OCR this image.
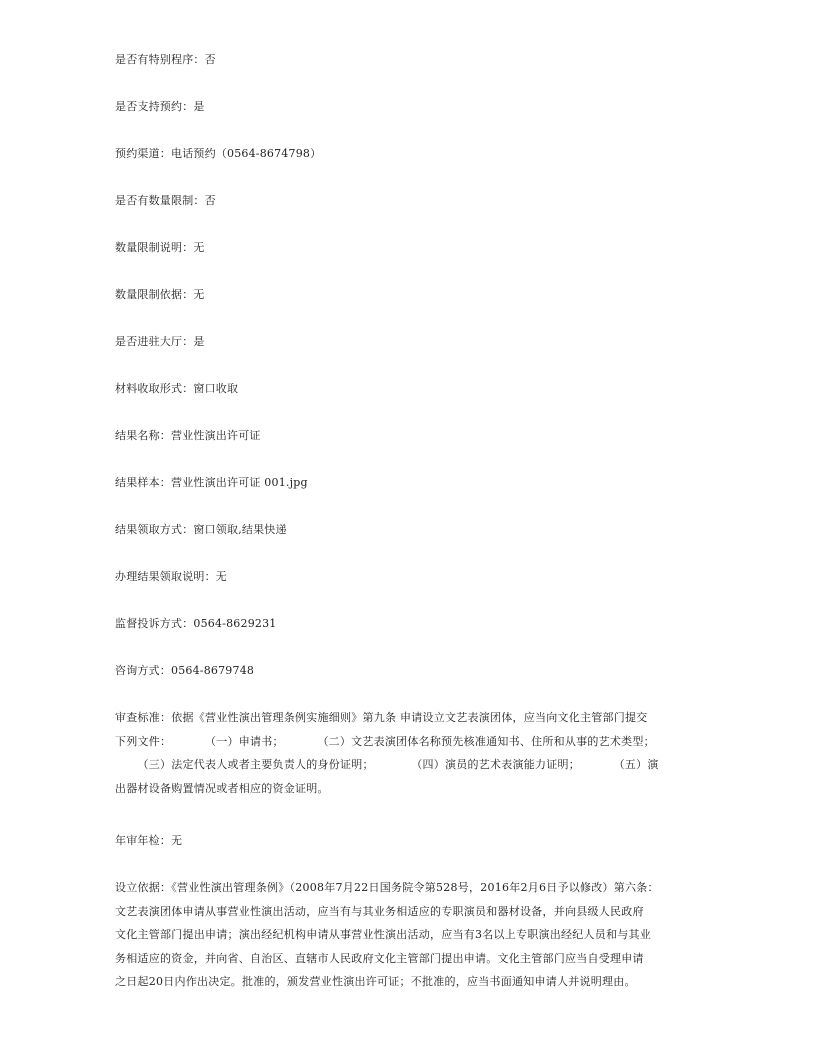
是否有特别程序：否
是否支持预约：是
预约渠道：电话预约（0564-8674798）
是否有数量限制：否
数量限制说明：无
数量限制依据：无
是否进驻大厅：是
材料收取形式：窗口收取
结果名称：营业性演出许可证
结果样本：营业性演出许可证 001.jpg
结果领取方式：窗口领取,结果快递
办理结果领取说明：无
监督投诉方式：0564-8629231
咨询方式：0564-8679748

审查标准：依据《营业性演出管理条例实施细则》第九条 申请设立文艺表演团体，应当向文化主管部门提交

下列文件：         （一）申请书；         （二）文艺表演团体名称预先核准通知书、住所和从事的艺术类型；

（三）法定代表人或者主要负责人的身份证明；          （四）演员的艺术表演能力证明；         （五）演

出器材设备购置情况或者相应的资金证明。

年审年检：无

设立依据：《营业性演出管理条例》（2008年7月22日国务院令第528号，2016年2月6日予以修改）第六条：

文艺表演团体申请从事营业性演出活动，应当有与其业务相适应的专职演员和器材设备，并向县级人民政府

文化主管部门提出申请；演出经纪机构申请从事营业性演出活动，应当有3名以上专职演出经纪人员和与其业

务相适应的资金，并向省、自治区、直辖市人民政府文化主管部门提出申请。文化主管部门应当自受理申请

之日起20日内作出决定。批准的，颁发营业性演出许可证；不批准的，应当书面通知申请人并说明理由。
